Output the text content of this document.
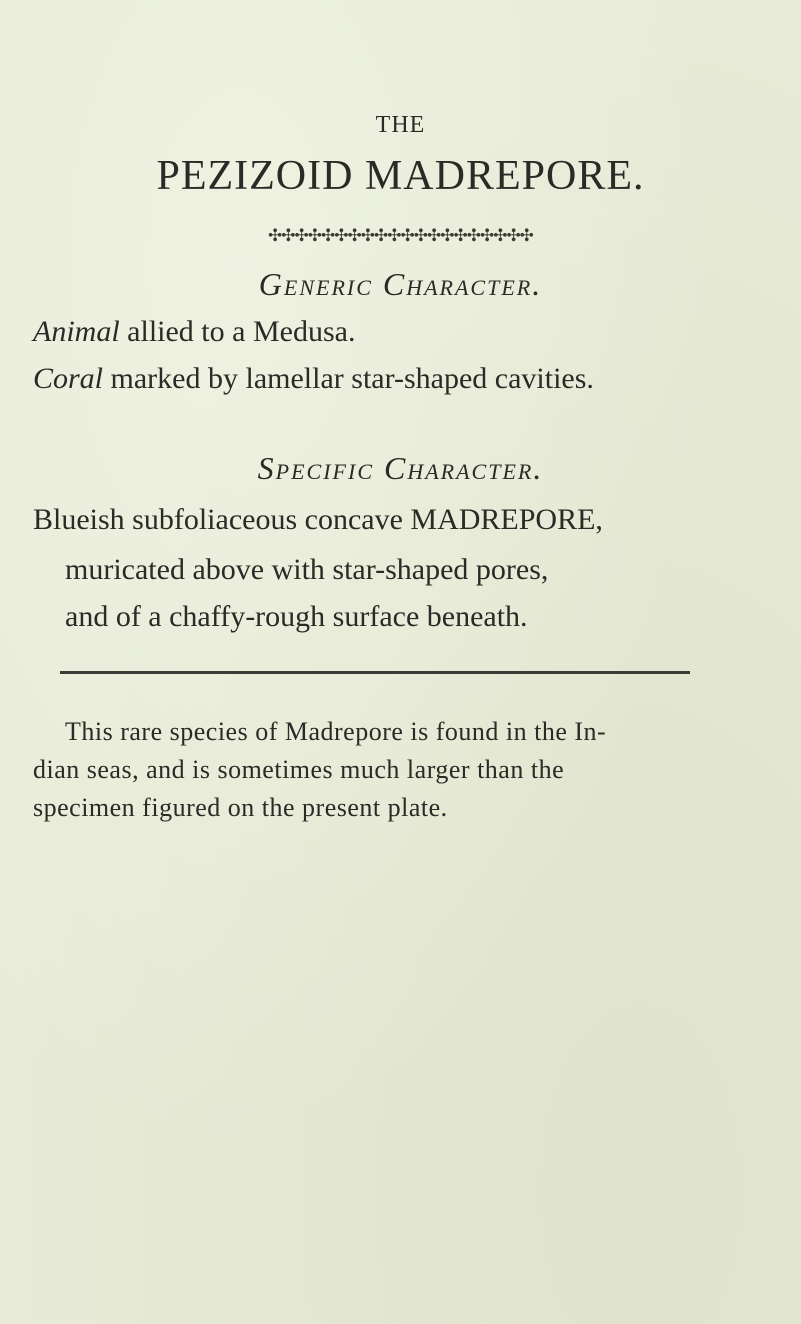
THE
PEZIZOID MADREPORE.
✣✣✣✣✣✣✣✣✣✣✣✣✣✣✣✣✣✣✣✣
Generic Character.
Animal allied to a Medusa.
Coral marked by lamellar star-shaped cavities.
Specific Character.
Blueish subfoliaceous concave MADREPORE,
muricated above with star-shaped pores,
and of a chaffy-rough surface beneath.
This rare species of Madrepore is found in the In-
dian seas, and is sometimes much larger than the
specimen figured on the present plate.
